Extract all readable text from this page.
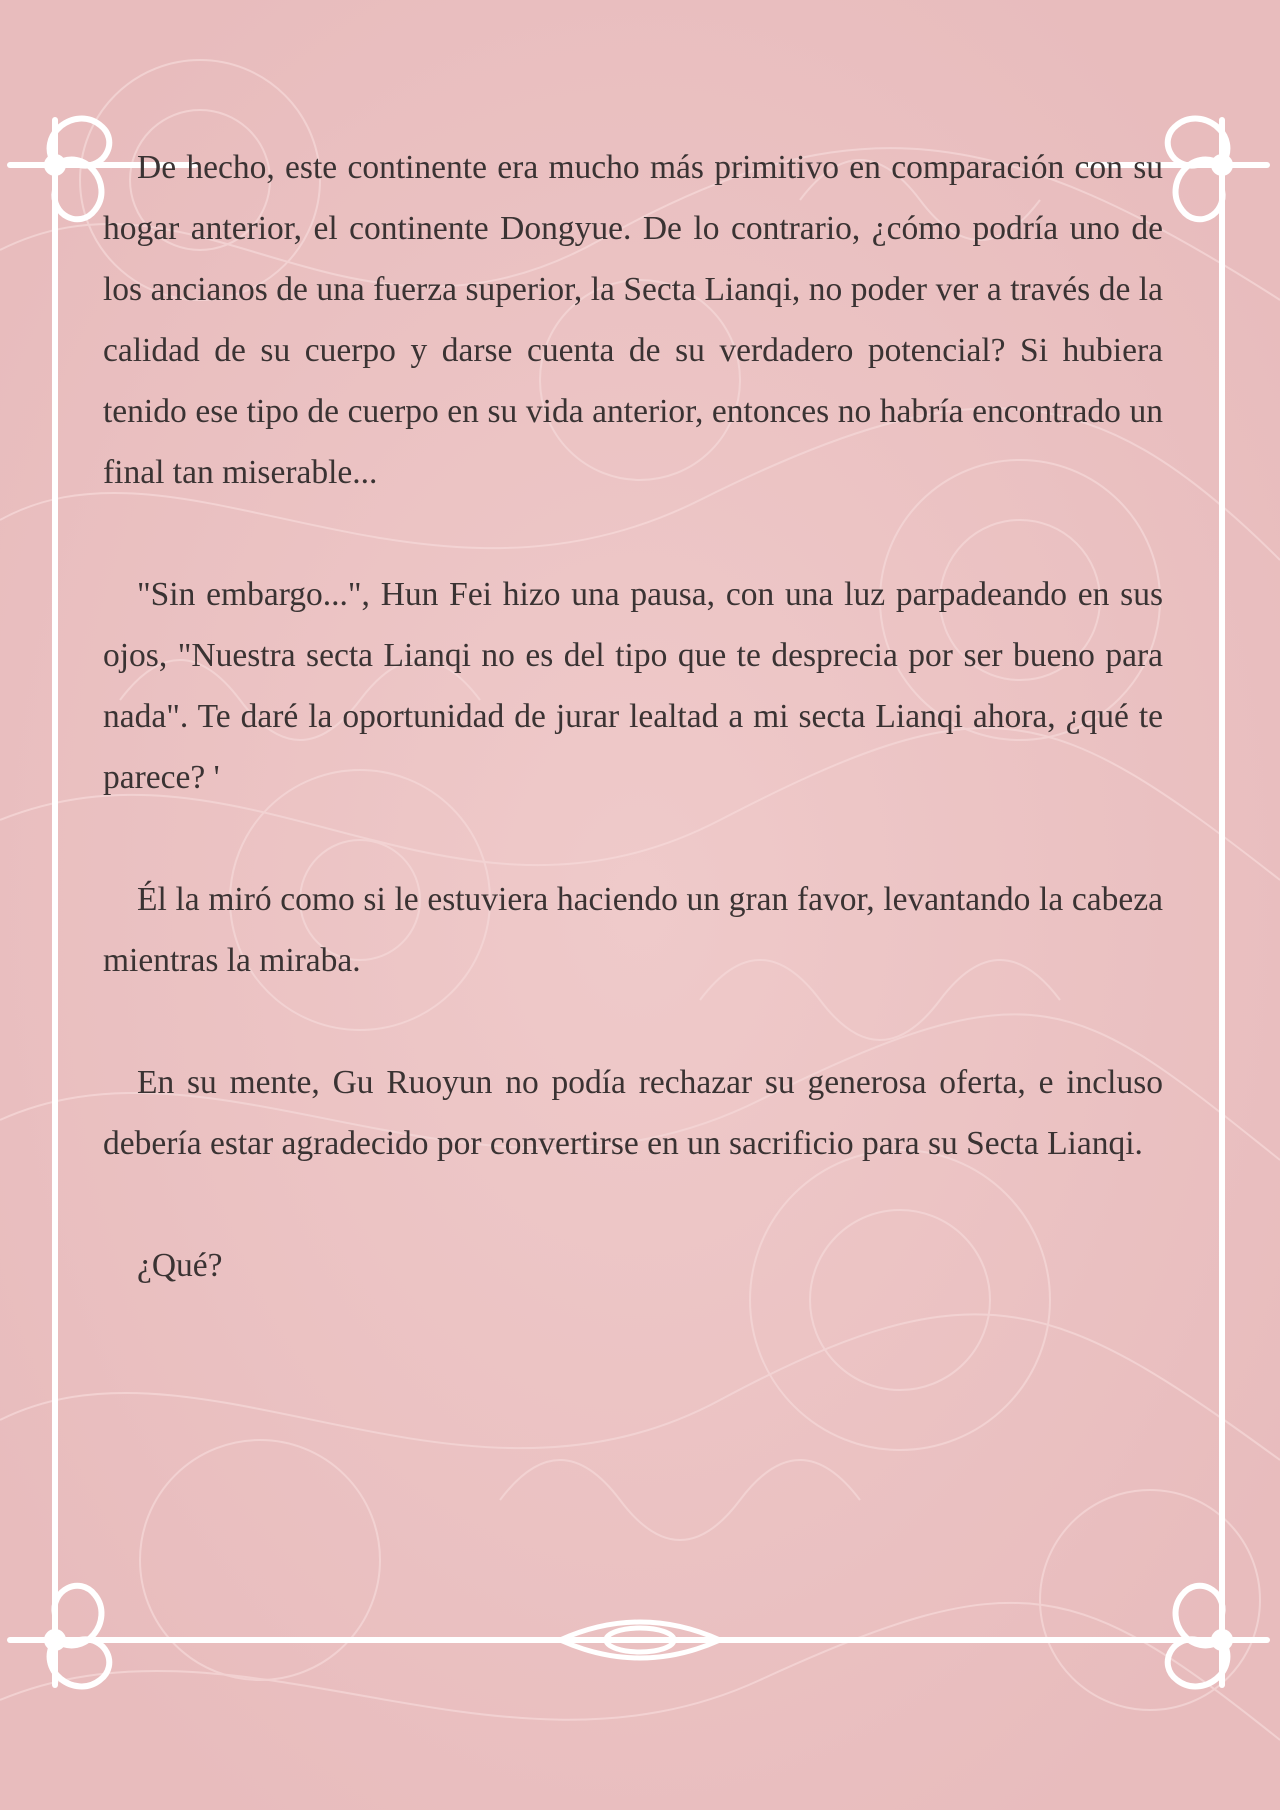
De hecho, este continente era mucho más primitivo en comparación con su hogar anterior, el continente Dongyue. De lo contrario, ¿cómo podría uno de los ancianos de una fuerza superior, la Secta Lianqi, no poder ver a través de la calidad de su cuerpo y darse cuenta de su verdadero potencial? Si hubiera tenido ese tipo de cuerpo en su vida anterior, entonces no habría encontrado un final tan miserable...

"Sin embargo...", Hun Fei hizo una pausa, con una luz parpadeando en sus ojos, "Nuestra secta Lianqi no es del tipo que te desprecia por ser bueno para nada". Te daré la oportunidad de jurar lealtad a mi secta Lianqi ahora, ¿qué te parece? '

Él la miró como si le estuviera haciendo un gran favor, levantando la cabeza mientras la miraba.

En su mente, Gu Ruoyun no podía rechazar su generosa oferta, e incluso debería estar agradecido por convertirse en un sacrificio para su Secta Lianqi.

¿Qué?
